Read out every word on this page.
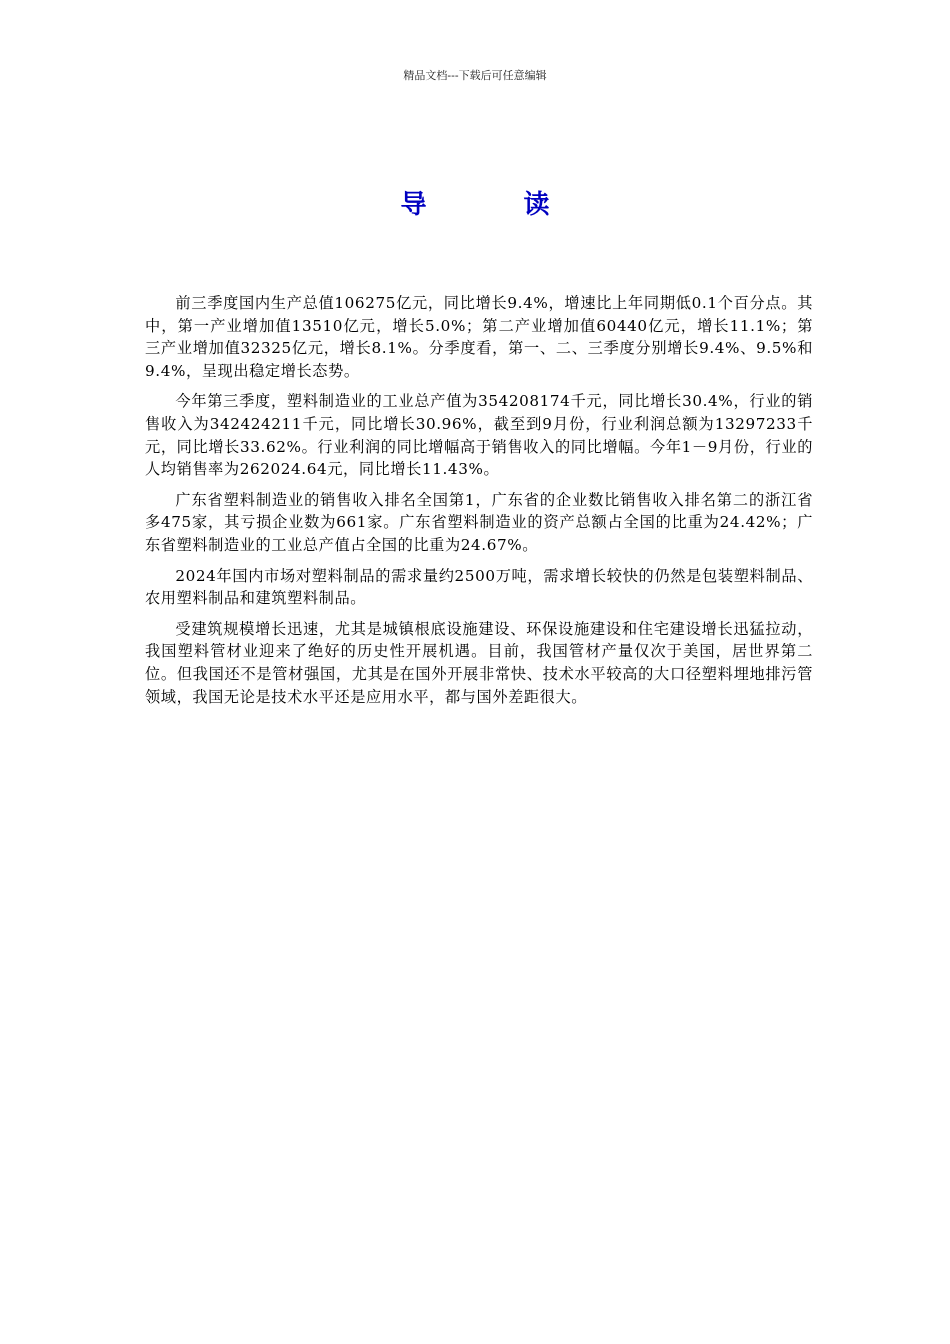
精品文档---下载后可任意编辑
导 读

前三季度国内生产总值106275亿元，同比增长9.4%，增速比上年同期低0.1个百分点。其中，第一产业增加值13510亿元，增长5.0%；第二产业增加值60440亿元，增长11.1%；第三产业增加值32325亿元，增长8.1%。分季度看，第一、二、三季度分别增长9.4%、9.5%和9.4%，呈现出稳定增长态势。

今年第三季度，塑料制造业的工业总产值为354208174千元，同比增长30.4%，行业的销售收入为342424211千元，同比增长30.96%，截至到9月份，行业利润总额为13297233千元，同比增长33.62%。行业利润的同比增幅高于销售收入的同比增幅。今年1－9月份，行业的人均销售率为262024.64元，同比增长11.43%。

广东省塑料制造业的销售收入排名全国第1，广东省的企业数比销售收入排名第二的浙江省多475家，其亏损企业数为661家。广东省塑料制造业的资产总额占全国的比重为24.42%；广东省塑料制造业的工业总产值占全国的比重为24.67%。

2024年国内市场对塑料制品的需求量约2500万吨，需求增长较快的仍然是包装塑料制品、农用塑料制品和建筑塑料制品。

受建筑规模增长迅速，尤其是城镇根底设施建设、环保设施建设和住宅建设增长迅猛拉动，我国塑料管材业迎来了绝好的历史性开展机遇。目前，我国管材产量仅次于美国，居世界第二位。但我国还不是管材强国，尤其是在国外开展非常快、技术水平较高的大口径塑料埋地排污管领域，我国无论是技术水平还是应用水平，都与国外差距很大。
